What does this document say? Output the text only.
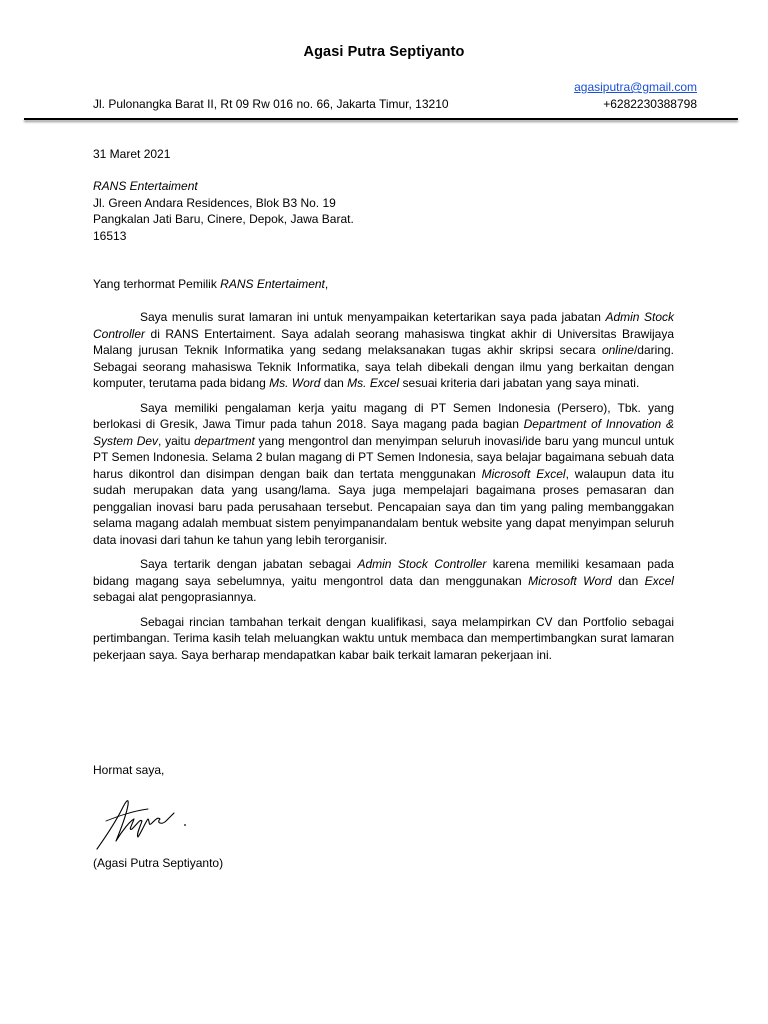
Agasi Putra Septiyanto
agasiputra@gmail.com
Jl. Pulonangka Barat II, Rt 09 Rw 016 no. 66, Jakarta Timur, 13210	+6282230388798
31 Maret 2021
RANS Entertaiment
Jl. Green Andara Residences, Blok B3 No. 19
Pangkalan Jati Baru, Cinere, Depok, Jawa Barat.
16513
Yang terhormat Pemilik RANS Entertaiment,

Saya menulis surat lamaran ini untuk menyampaikan ketertarikan saya pada jabatan Admin Stock Controller di RANS Entertaiment. Saya adalah seorang mahasiswa tingkat akhir di Universitas Brawijaya Malang jurusan Teknik Informatika yang sedang melaksanakan tugas akhir skripsi secara online/daring. Sebagai seorang mahasiswa Teknik Informatika, saya telah dibekali dengan ilmu yang berkaitan dengan komputer, terutama pada bidang Ms. Word dan Ms. Excel sesuai kriteria dari jabatan yang saya minati.

Saya memiliki pengalaman kerja yaitu magang di PT Semen Indonesia (Persero), Tbk. yang berlokasi di Gresik, Jawa Timur pada tahun 2018. Saya magang pada bagian Department of Innovation & System Dev, yaitu department yang mengontrol dan menyimpan seluruh inovasi/ide baru yang muncul untuk PT Semen Indonesia. Selama 2 bulan magang di PT Semen Indonesia, saya belajar bagaimana sebuah data harus dikontrol dan disimpan dengan baik dan tertata menggunakan Microsoft Excel, walaupun data itu sudah merupakan data yang usang/lama. Saya juga mempelajari bagaimana proses pemasaran dan penggalian inovasi baru pada perusahaan tersebut. Pencapaian saya dan tim yang paling membanggakan selama magang adalah membuat sistem penyimpanandalam bentuk website yang dapat menyimpan seluruh data inovasi dari tahun ke tahun yang lebih terorganisir.

Saya tertarik dengan jabatan sebagai Admin Stock Controller karena memiliki kesamaan pada bidang magang saya sebelumnya, yaitu mengontrol data dan menggunakan Microsoft Word dan Excel sebagai alat pengoprasiannya.

Sebagai rincian tambahan terkait dengan kualifikasi, saya melampirkan CV dan Portfolio sebagai pertimbangan. Terima kasih telah meluangkan waktu untuk membaca dan mempertimbangkan surat lamaran pekerjaan saya. Saya berharap mendapatkan kabar baik terkait lamaran pekerjaan ini.

Hormat saya,
(Agasi Putra Septiyanto)
